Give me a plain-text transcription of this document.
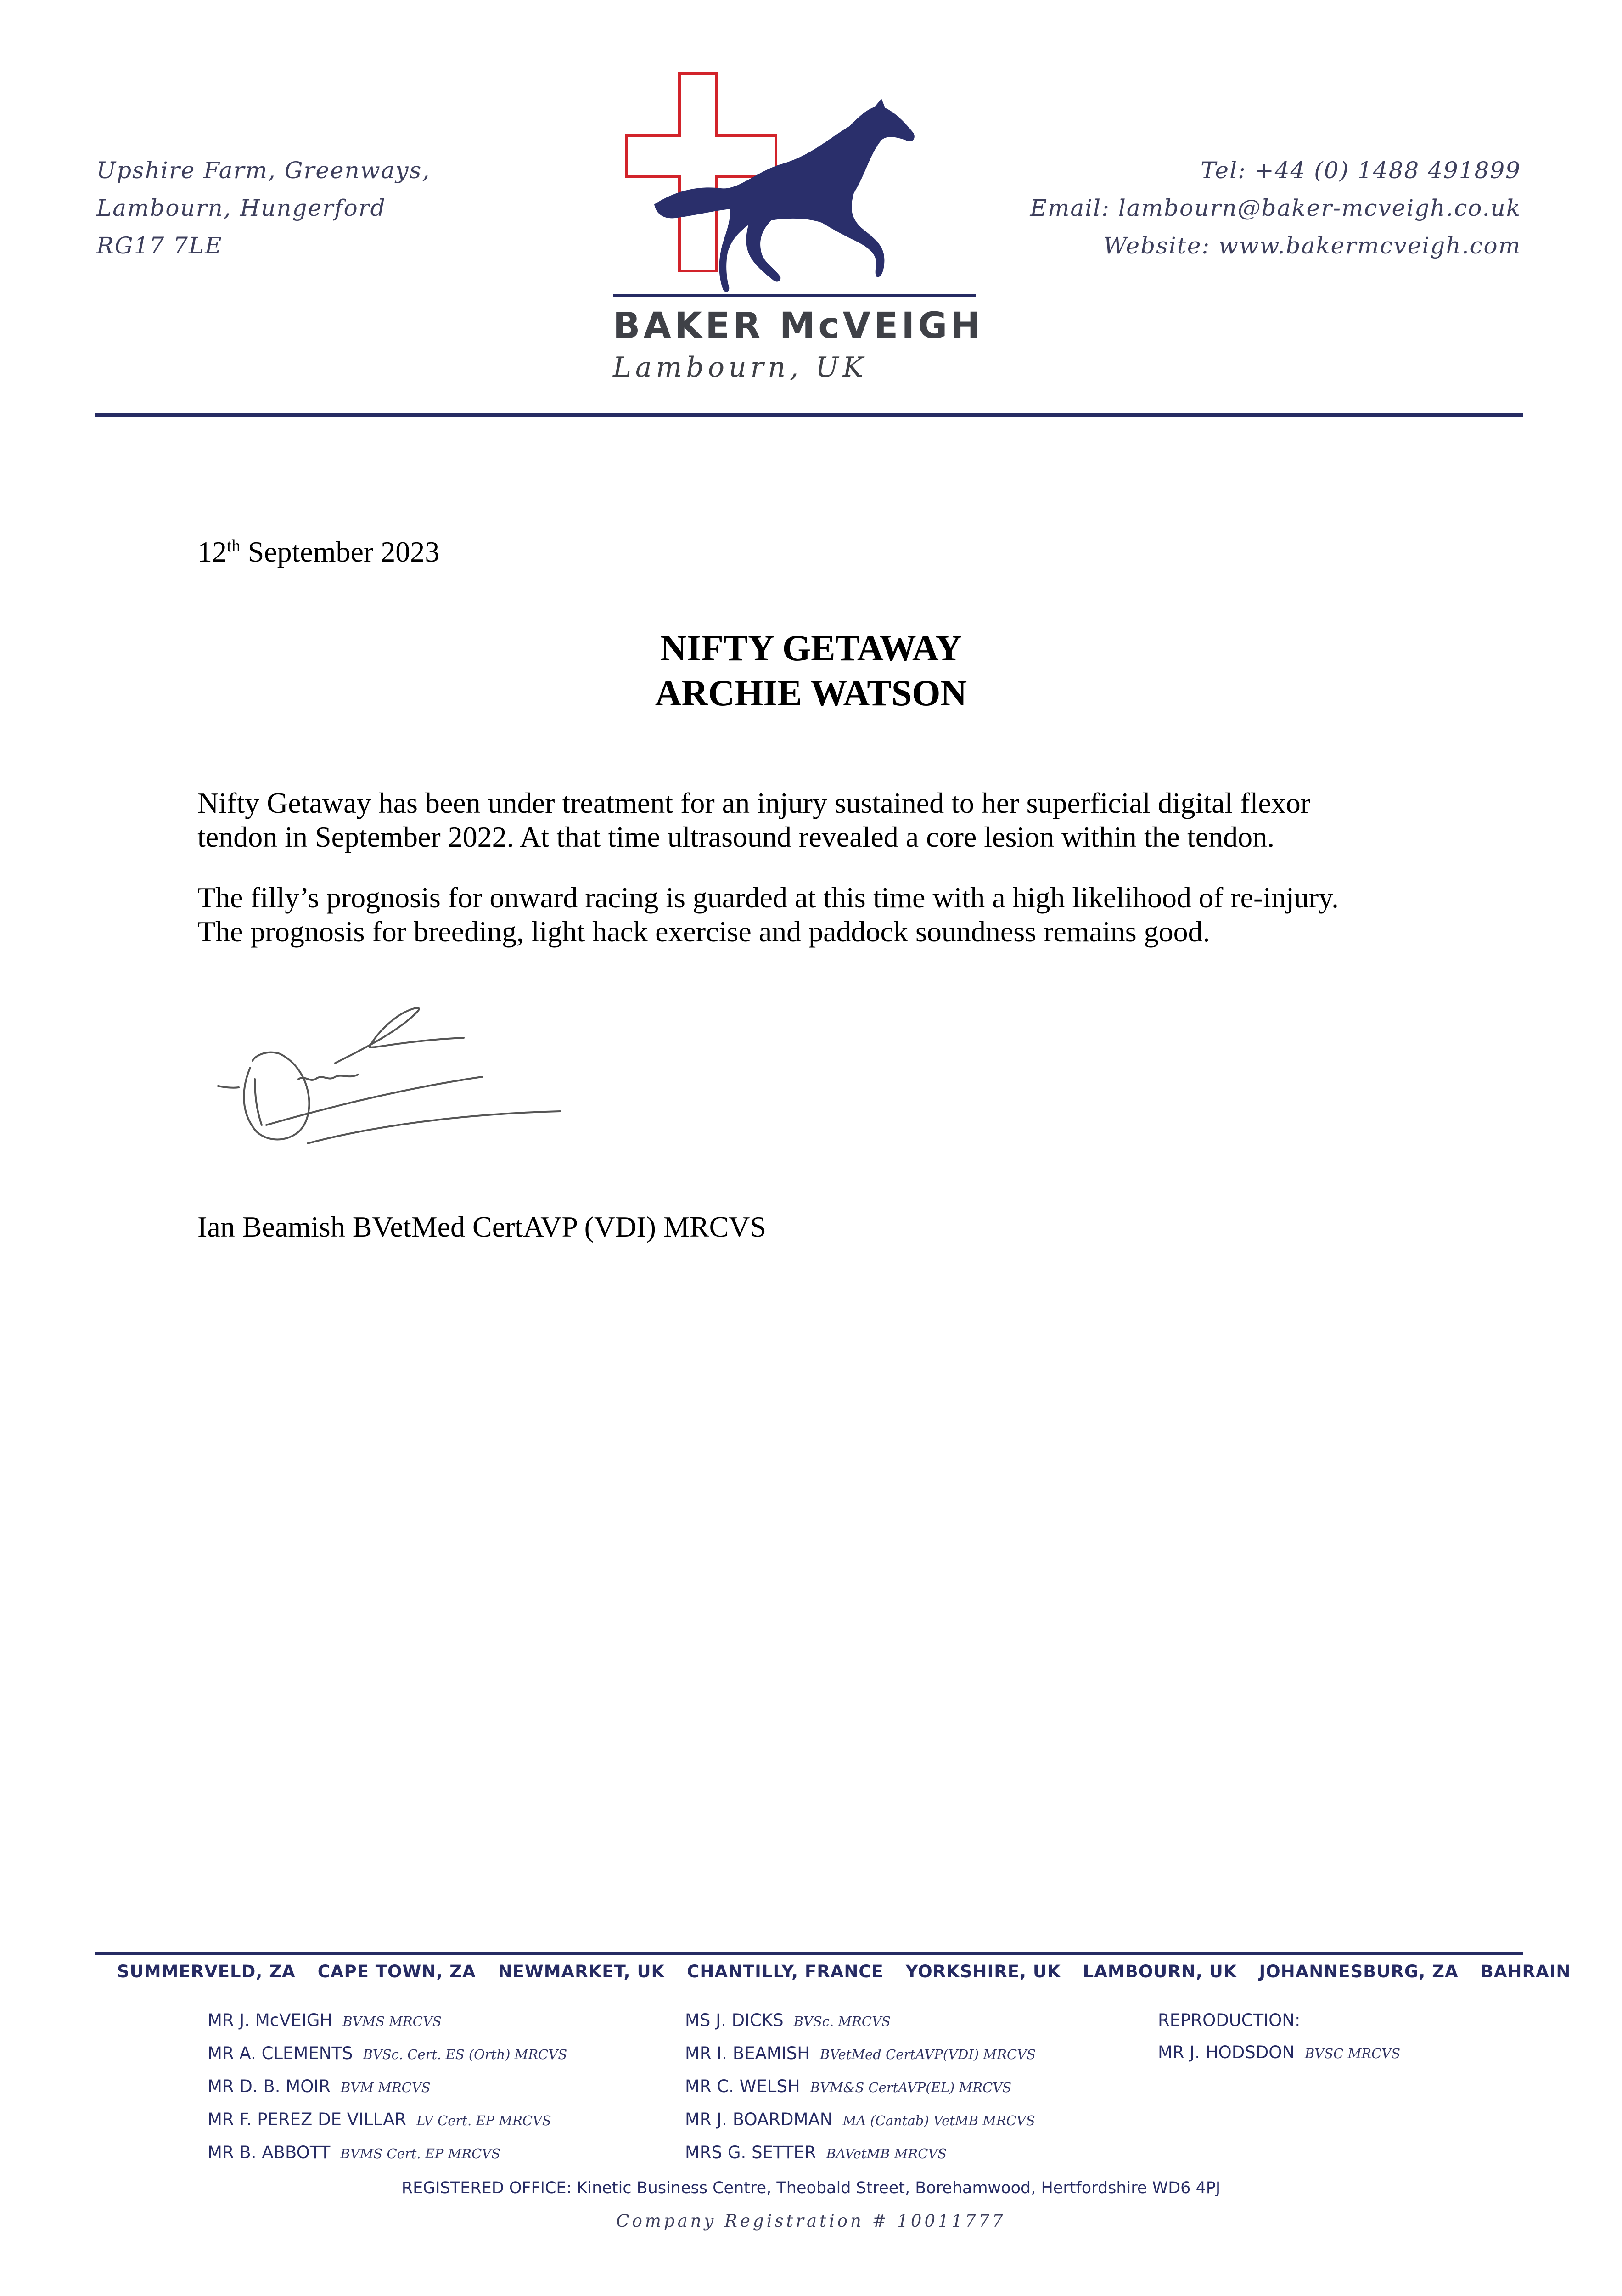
Upshire Farm, Greenways,
Lambourn, Hungerford
RG17 7LE
Tel: +44 (0) 1488 491899
Email: lambourn@baker-mcveigh.co.uk
Website: www.bakermcveigh.com
BAKER McVEIGH
Lambourn, UK
12th September 2023
NIFTY GETAWAY
ARCHIE WATSON
Nifty Getaway has been under treatment for an injury sustained to her superficial digital flexor
tendon in September 2022. At that time ultrasound revealed a core lesion within the tendon.
The filly’s prognosis for onward racing is guarded at this time with a high likelihood of re-injury.
The prognosis for breeding, light hack exercise and paddock soundness remains good.
Ian Beamish BVetMed CertAVP (VDI) MRCVS
SUMMERVELD, ZA CAPE TOWN, ZA NEWMARKET, UK CHANTILLY, FRANCE YORKSHIRE, UK LAMBOURN, UK JOHANNESBURG, ZA BAHRAIN
MR J. McVEIGH BVMS MRCVS
MR A. CLEMENTS BVSc. Cert. ES (Orth) MRCVS
MR D. B. MOIR BVM MRCVS
MR F. PEREZ DE VILLAR LV Cert. EP MRCVS
MR B. ABBOTT BVMS Cert. EP MRCVS
MS J. DICKS BVSc. MRCVS
MR I. BEAMISH BVetMed CertAVP(VDI) MRCVS
MR C. WELSH BVM&S CertAVP(EL) MRCVS
MR J. BOARDMAN MA (Cantab) VetMB MRCVS
MRS G. SETTER BAVetMB MRCVS
REPRODUCTION:
MR J. HODSDON BVSC MRCVS
REGISTERED OFFICE: Kinetic Business Centre, Theobald Street, Borehamwood, Hertfordshire WD6 4PJ
Company Registration # 10011777
